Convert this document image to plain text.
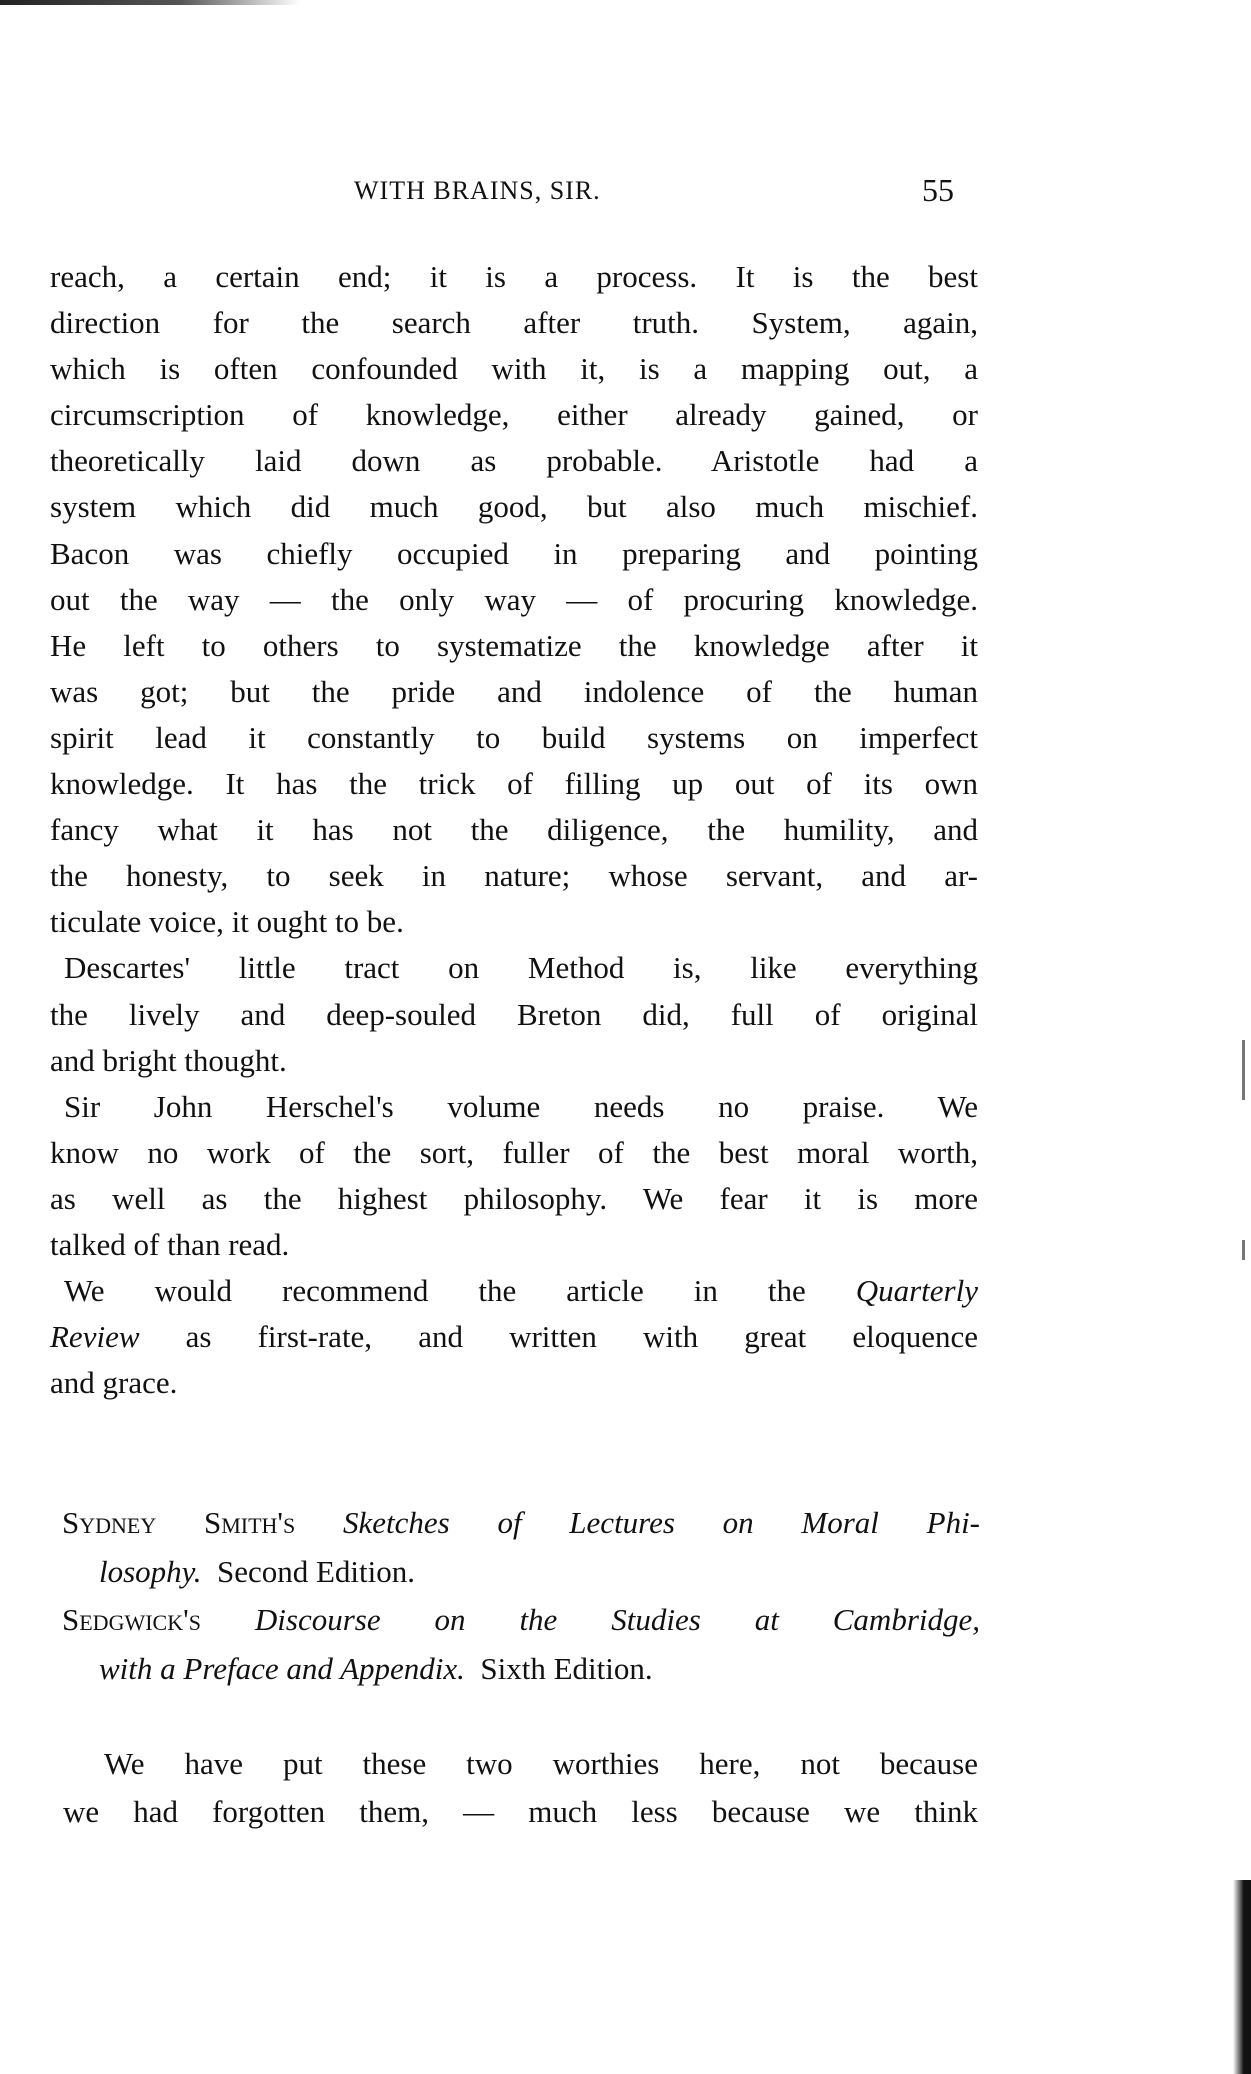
WITH BRAINS, SIR.	55
reach, a certain end; it is a process. It is the best
direction for the search after truth. System, again,
which is often confounded with it, is a mapping out, a
circumscription of knowledge, either already gained, or
theoretically laid down as probable. Aristotle had a
system which did much good, but also much mischief.
Bacon was chiefly occupied in preparing and pointing
out the way — the only way — of procuring knowledge.
He left to others to systematize the knowledge after it
was got; but the pride and indolence of the human
spirit lead it constantly to build systems on imperfect
knowledge. It has the trick of filling up out of its own
fancy what it has not the diligence, the humility, and
the honesty, to seek in nature; whose servant, and ar-
ticulate voice, it ought to be.
Descartes' little tract on Method is, like everything
the lively and deep-souled Breton did, full of original
and bright thought.
Sir John Herschel's volume needs no praise. We
know no work of the sort, fuller of the best moral worth,
as well as the highest philosophy. We fear it is more
talked of than read.
We would recommend the article in the Quarterly
Review as first-rate, and written with great eloquence
and grace.
Sydney Smith's Sketches of Lectures on Moral Phi-
losophy. Second Edition.
Sedgwick's Discourse on the Studies at Cambridge,
with a Preface and Appendix. Sixth Edition.
We have put these two worthies here, not because
we had forgotten them, — much less because we think
